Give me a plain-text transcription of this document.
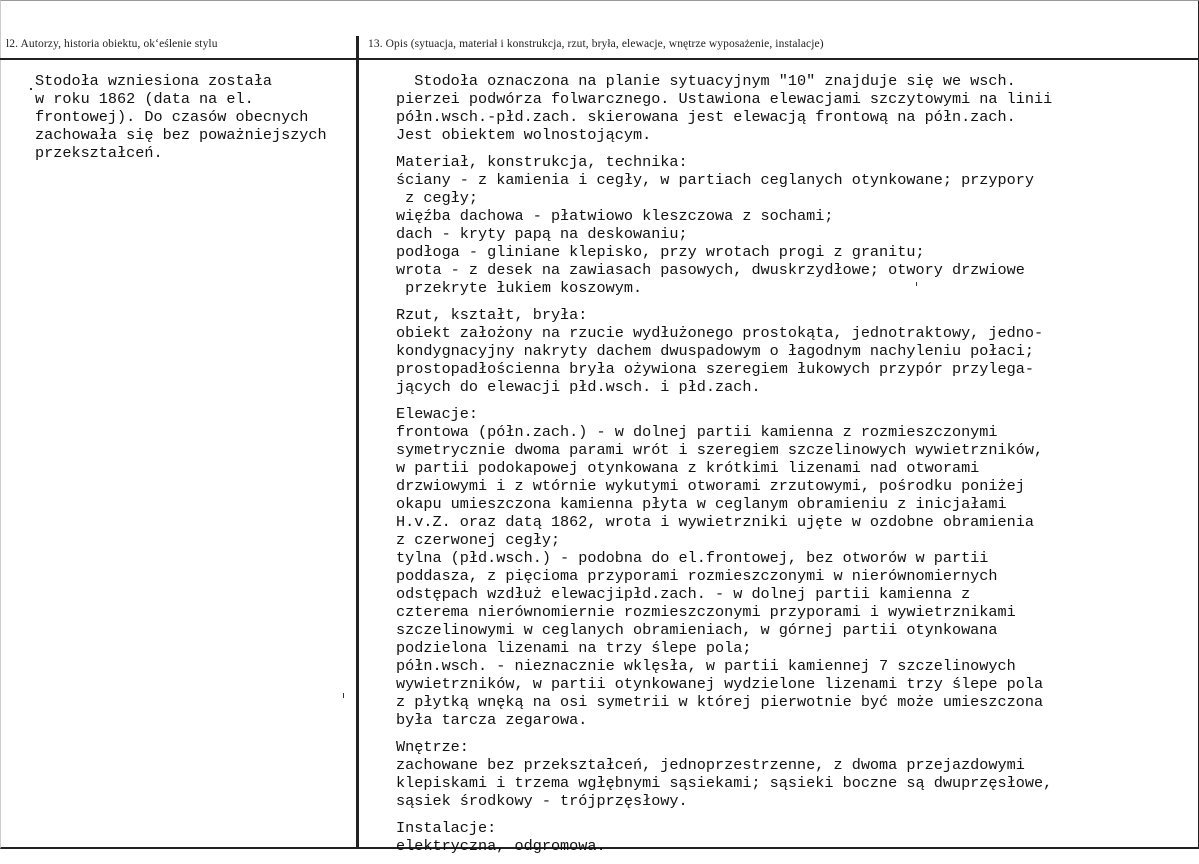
l2. Autorzy, historia obiektu, okʻeślenie stylu	13. Opis (sytuacja, materiał i konstrukcja, rzut, bryła, elewacje, wnętrze wyposażenie, instalacje)
Stodoła wzniesiona została
w roku 1862 (data na el.
frontowej). Do czasów obecnych
zachowała się bez poważniejszych
przekształceń.
Stodoła oznaczona na planie sytuacyjnym "10" znajduje się we wsch.
pierzei podwórza folwarcznego. Ustawiona elewacjami szczytowymi na linii
półn.wsch.-płd.zach. skierowana jest elewacją frontową na półn.zach.
Jest obiektem wolnostojącym.
Materiał, konstrukcja, technika:
ściany - z kamienia i cegły, w partiach ceglanych otynkowane; przypory
z cegły;
więźba dachowa - płatwiowo kleszczowa z sochami;
dach - kryty papą na deskowaniu;
podłoga - gliniane klepisko, przy wrotach progi z granitu;
wrota - z desek na zawiasach pasowych, dwuskrzydłowe; otwory drzwiowe
przekryte łukiem koszowym.
Rzut, kształt, bryła:
obiekt założony na rzucie wydłużonego prostokąta, jednotraktowy, jedno-
kondygnacyjny nakryty dachem dwuspadowym o łagodnym nachyleniu połaci;
prostopadłościenna bryła ożywiona szeregiem łukowych przypór przylega-
jących do elewacji płd.wsch. i płd.zach.
Elewacje:
frontowa (półn.zach.) - w dolnej partii kamienna z rozmieszczonymi
symetrycznie dwoma parami wrót i szeregiem szczelinowych wywietrzników,
w partii podokapowej otynkowana z krótkimi lizenami nad otworami
drzwiowymi i z wtórnie wykutymi otworami zrzutowymi, pośrodku poniżej
okapu umieszczona kamienna płyta w ceglanym obramieniu z inicjałami
H.v.Z. oraz datą 1862, wrota i wywietrzniki ujęte w ozdobne obramienia
z czerwonej cegły;
tylna (płd.wsch.) - podobna do el.frontowej, bez otworów w partii
poddasza, z pięcioma przyporami rozmieszczonymi w nierównomiernych
odstępach wzdłuż elewacjipłd.zach. - w dolnej partii kamienna z
czterema nierównomiernie rozmieszczonymi przyporami i wywietrznikami
szczelinowymi w ceglanych obramieniach, w górnej partii otynkowana
podzielona lizenami na trzy ślepe pola;
półn.wsch. - nieznacznie wklęsła, w partii kamiennej 7 szczelinowych
wywietrzników, w partii otynkowanej wydzielone lizenami trzy ślepe pola
z płytką wnęką na osi symetrii w której pierwotnie być może umieszczona
była tarcza zegarowa.
Wnętrze:
zachowane bez przekształceń, jednoprzestrzenne, z dwoma przejazdowymi
klepiskami i trzema wgłębnymi sąsiekami; sąsieki boczne są dwuprzęsłowe,
sąsiek środkowy - trójprzęsłowy.
Instalacje:
elektryczna, odgromowa.
